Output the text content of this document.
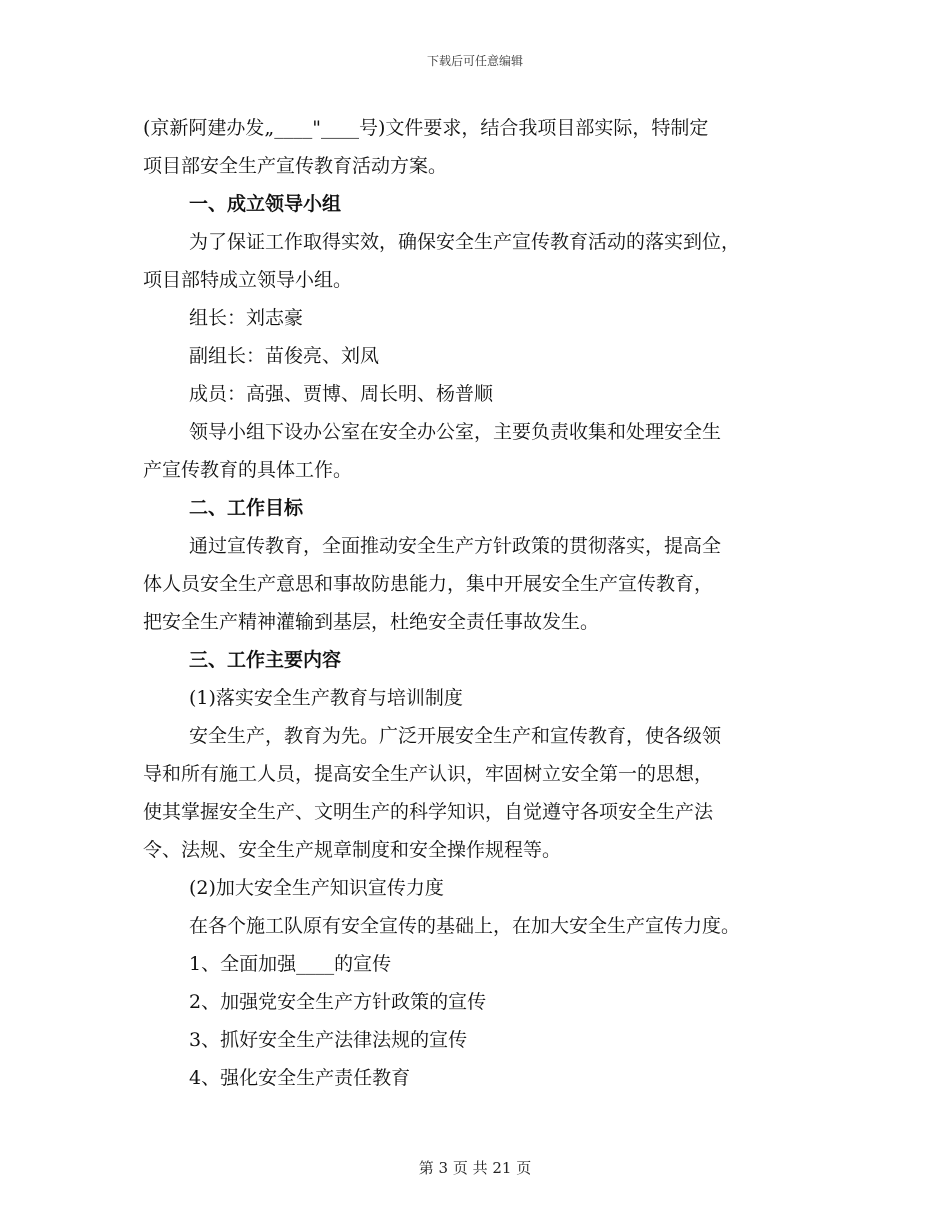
下载后可任意编辑
(京新阿建办发„____"____号)文件要求，结合我项目部实际，特制定
项目部安全生产宣传教育活动方案。
一、成立领导小组
为了保证工作取得实效，确保安全生产宣传教育活动的落实到位，
项目部特成立领导小组。
组长：刘志豪
副组长：苗俊亮、刘凤
成员：高强、贾博、周长明、杨普顺
领导小组下设办公室在安全办公室，主要负责收集和处理安全生
产宣传教育的具体工作。
二、工作目标
通过宣传教育，全面推动安全生产方针政策的贯彻落实，提高全
体人员安全生产意思和事故防患能力，集中开展安全生产宣传教育，
把安全生产精神灌输到基层，杜绝安全责任事故发生。
三、工作主要内容
(1)落实安全生产教育与培训制度
安全生产，教育为先。广泛开展安全生产和宣传教育，使各级领
导和所有施工人员，提高安全生产认识，牢固树立安全第一的思想，
使其掌握安全生产、文明生产的科学知识，自觉遵守各项安全生产法
令、法规、安全生产规章制度和安全操作规程等。
(2)加大安全生产知识宣传力度
在各个施工队原有安全宣传的基础上，在加大安全生产宣传力度。
1、全面加强____的宣传
2、加强党安全生产方针政策的宣传
3、抓好安全生产法律法规的宣传
4、强化安全生产责任教育
第 3 页 共 21 页
